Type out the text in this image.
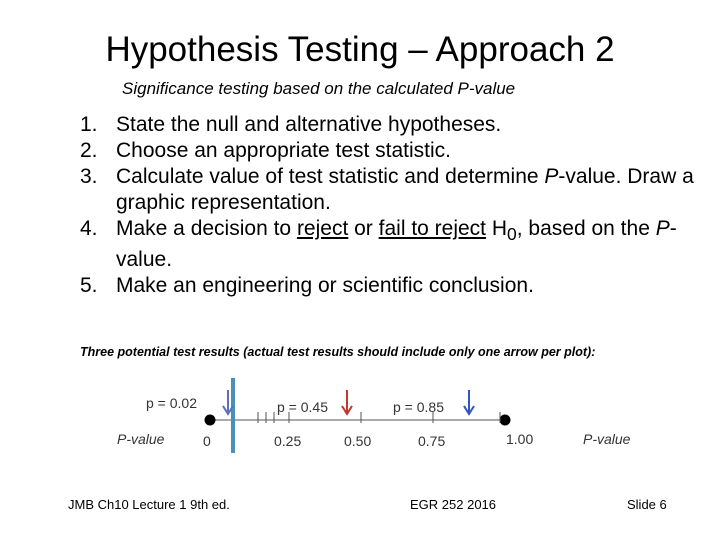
Hypothesis Testing – Approach 2
Significance testing based on the calculated P-value
1. State the null and alternative hypotheses.
2. Choose an appropriate test statistic.
3. Calculate value of test statistic and determine P-value. Draw a graphic representation.
4. Make a decision to reject or fail to reject $H_0$, based on the P-value.
5. Make an engineering or scientific conclusion.
Three potential test results (actual test results should include only one arrow per plot):
P-value	P-value
0	0.25	0.50	0.75	1.00
p = 0.02	p = 0.45	p = 0.85
JMB Ch10 Lecture 1 9th ed.	EGR 252 2016	Slide 6
